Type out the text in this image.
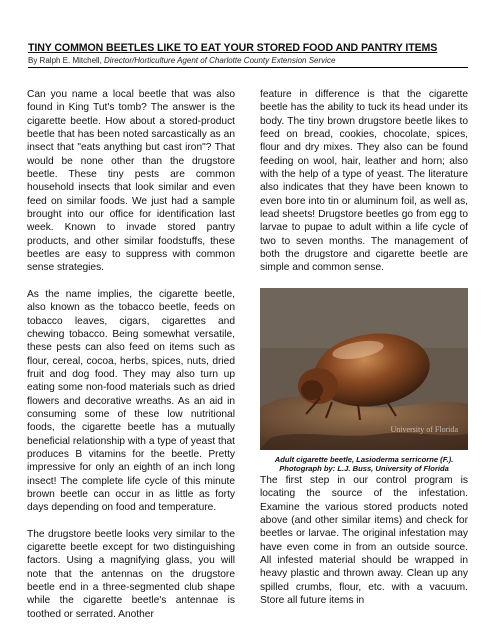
TINY COMMON BEETLES LIKE TO EAT YOUR STORED FOOD AND PANTRY ITEMS
By Ralph E. Mitchell, Director/Horticulture Agent of Charlotte County Extension Service

Can you name a local beetle that was also found in King Tut's tomb? The answer is the cigarette beetle. How about a stored-product beetle that has been noted sarcastically as an insect that "eats anything but cast iron"? That would be none other than the drugstore beetle. These tiny pests are common household insects that look similar and even feed on similar foods. We just had a sample brought into our office for identification last week. Known to invade stored pantry products, and other similar foodstuffs, these beetles are easy to suppress with common sense strategies.

As the name implies, the cigarette beetle, also known as the tobacco beetle, feeds on tobacco leaves, cigars, cigarettes and chewing tobacco. Being somewhat versatile, these pests can also feed on items such as flour, cereal, cocoa, herbs, spices, nuts, dried fruit and dog food. They may also turn up eating some non-food materials such as dried flowers and decorative wreaths. As an aid in consuming some of these low nutritional foods, the cigarette beetle has a mutually beneficial relationship with a type of yeast that produces B vitamins for the beetle. Pretty impressive for only an eighth of an inch long insect! The complete life cycle of this minute brown beetle can occur in as little as forty days depending on food and temperature.

The drugstore beetle looks very similar to the cigarette beetle except for two distinguishing factors. Using a magnifying glass, you will note that the antennas on the drugstore beetle end in a three-segmented club shape while the cigarette beetle's antennae is toothed or serrated. Another

feature in difference is that the cigarette beetle has the ability to tuck its head under its body. The tiny brown drugstore beetle likes to feed on bread, cookies, chocolate, spices, flour and dry mixes. They also can be found feeding on wool, hair, leather and horn; also with the help of a type of yeast. The literature also indicates that they have been known to even bore into tin or aluminum foil, as well as, lead sheets! Drugstore beetles go from egg to larvae to pupae to adult within a life cycle of two to seven months. The management of both the drugstore and cigarette beetle are simple and common sense.

University of Florida
Adult cigarette beetle, Lasioderma serricorne (F.).
Photograph by: L.J. Buss, University of Florida

The first step in our control program is locating the source of the infestation. Examine the various stored products noted above (and other similar items) and check for beetles or larvae. The original infestation may have even come in from an outside source. All infested material should be wrapped in heavy plastic and thrown away. Clean up any spilled crumbs, flour, etc. with a vacuum. Store all future items in
